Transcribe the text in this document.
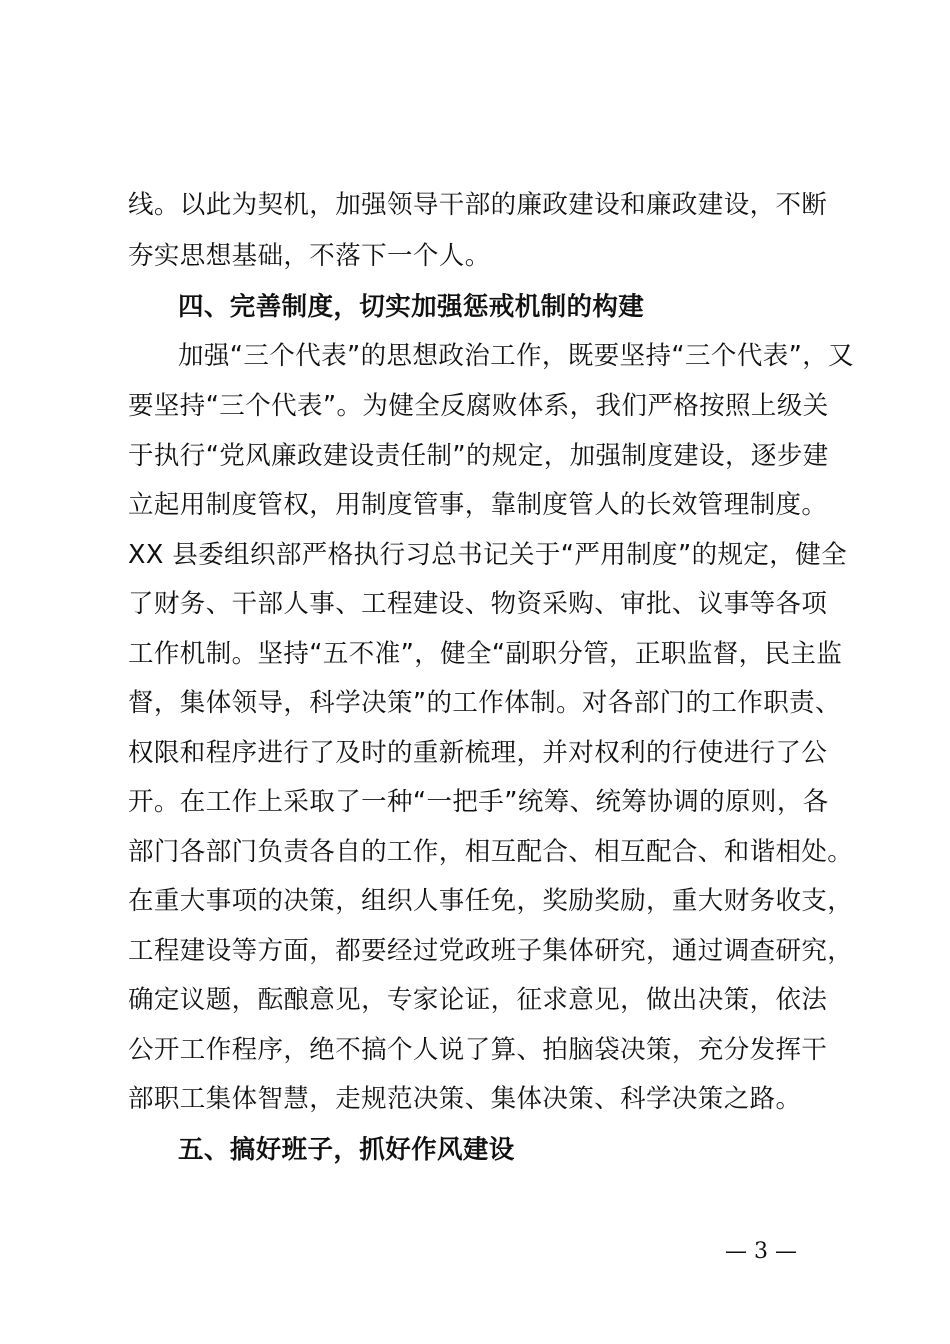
线。以此为契机，加强领导干部的廉政建设和廉政建设，不断
夯实思想基础，不落下一个人。
四、完善制度，切实加强惩戒机制的构建
加强“三个代表”的思想政治工作，既要坚持“三个代表”，又
要坚持“三个代表”。为健全反腐败体系，我们严格按照上级关
于执行“党风廉政建设责任制”的规定，加强制度建设，逐步建
立起用制度管权，用制度管事，靠制度管人的长效管理制度。
XX 县委组织部严格执行习总书记关于“严用制度”的规定，健全
了财务、干部人事、工程建设、物资采购、审批、议事等各项
工作机制。坚持“五不准”，健全“副职分管，正职监督，民主监
督，集体领导，科学决策”的工作体制。对各部门的工作职责、
权限和程序进行了及时的重新梳理，并对权利的行使进行了公
开。在工作上采取了一种“一把手”统筹、统筹协调的原则，各
部门各部门负责各自的工作，相互配合、相互配合、和谐相处。
在重大事项的决策，组织人事任免，奖励奖励，重大财务收支，
工程建设等方面，都要经过党政班子集体研究，通过调查研究，
确定议题，酝酿意见，专家论证，征求意见，做出决策，依法
公开工作程序，绝不搞个人说了算、拍脑袋决策，充分发挥干
部职工集体智慧，走规范决策、集体决策、科学决策之路。
五、搞好班子，抓好作风建设
— 3 —
